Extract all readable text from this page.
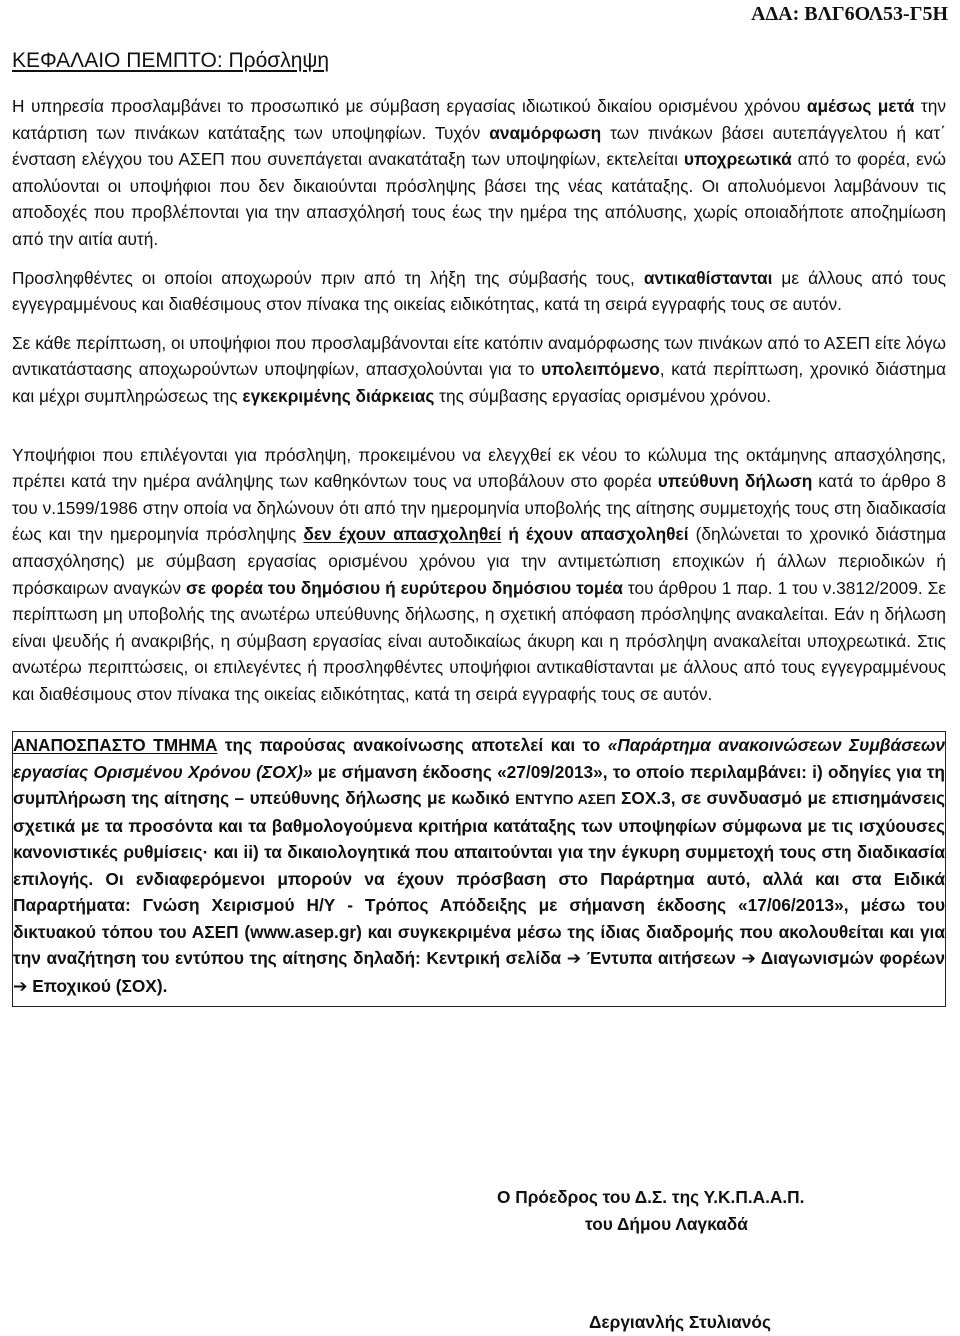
ΑΔΑ: ΒΛΓ6ΟΛ53-Γ5Η
ΚΕΦΑΛΑΙΟ ΠΕΜΠΤΟ: Πρόσληψη

Η υπηρεσία προσλαμβάνει το προσωπικό με σύμβαση εργασίας ιδιωτικού δικαίου ορισμένου χρόνου αμέσως μετά την κατάρτιση των πινάκων κατάταξης των υποψηφίων. Τυχόν αναμόρφωση των πινάκων βάσει αυτεπάγγελτου ή κατ΄ ένσταση ελέγχου του ΑΣΕΠ που συνεπάγεται ανακατάταξη των υποψηφίων, εκτελείται υποχρεωτικά από το φορέα, ενώ απολύονται οι υποψήφιοι που δεν δικαιούνται πρόσληψης βάσει της νέας κατάταξης. Οι απολυόμενοι λαμβάνουν τις αποδοχές που προβλέπονται για την απασχόλησή τους έως την ημέρα της απόλυσης, χωρίς οποιαδήποτε αποζημίωση από την αιτία αυτή.

Προσληφθέντες οι οποίοι αποχωρούν πριν από τη λήξη της σύμβασής τους, αντικαθίστανται με άλλους από τους εγγεγραμμένους και διαθέσιμους στον πίνακα της οικείας ειδικότητας, κατά τη σειρά εγγραφής τους σε αυτόν.

Σε κάθε περίπτωση, οι υποψήφιοι που προσλαμβάνονται είτε κατόπιν αναμόρφωσης των πινάκων από το ΑΣΕΠ είτε λόγω αντικατάστασης αποχωρούντων υποψηφίων, απασχολούνται για το υπολειπόμενο, κατά περίπτωση, χρονικό διάστημα και μέχρι συμπληρώσεως της εγκεκριμένης διάρκειας της σύμβασης εργασίας ορισμένου χρόνου.

Υποψήφιοι που επιλέγονται για πρόσληψη, προκειμένου να ελεγχθεί εκ νέου το κώλυμα της οκτάμηνης απασχόλησης, πρέπει κατά την ημέρα ανάληψης των καθηκόντων τους να υποβάλουν στο φορέα υπεύθυνη δήλωση κατά το άρθρο 8 του ν.1599/1986 στην οποία να δηλώνουν ότι από την ημερομηνία υποβολής της αίτησης συμμετοχής τους στη διαδικασία έως και την ημερομηνία πρόσληψης δεν έχουν απασχοληθεί ή έχουν απασχοληθεί (δηλώνεται το χρονικό διάστημα απασχόλησης) με σύμβαση εργασίας ορισμένου χρόνου για την αντιμετώπιση εποχικών ή άλλων περιοδικών ή πρόσκαιρων αναγκών σε φορέα του δημόσιου ή ευρύτερου δημόσιου τομέα του άρθρου 1 παρ. 1 του ν.3812/2009. Σε περίπτωση μη υποβολής της ανωτέρω υπεύθυνης δήλωσης, η σχετική απόφαση πρόσληψης ανακαλείται. Εάν η δήλωση είναι ψευδής ή ανακριβής, η σύμβαση εργασίας είναι αυτοδικαίως άκυρη και η πρόσληψη ανακαλείται υποχρεωτικά. Στις ανωτέρω περιπτώσεις, οι επιλεγέντες ή προσληφθέντες υποψήφιοι αντικαθίστανται με άλλους από τους εγγεγραμμένους και διαθέσιμους στον πίνακα της οικείας ειδικότητας, κατά τη σειρά εγγραφής τους σε αυτόν.

ΑΝΑΠΟΣΠΑΣΤΟ ΤΜΗΜΑ της παρούσας ανακοίνωσης αποτελεί και το «Παράρτημα ανακοινώσεων Συμβάσεων εργασίας Ορισμένου Χρόνου (ΣΟΧ)» με σήμανση έκδοσης «27/09/2013», το οποίο περιλαμβάνει: i) οδηγίες για τη συμπλήρωση της αίτησης – υπεύθυνης δήλωσης με κωδικό ΕΝΤΥΠΟ ΑΣΕΠ ΣΟΧ.3, σε συνδυασμό με επισημάνσεις σχετικά με τα προσόντα και τα βαθμολογούμενα κριτήρια κατάταξης των υποψηφίων σύμφωνα με τις ισχύουσες κανονιστικές ρυθμίσεις· και ii) τα δικαιολογητικά που απαιτούνται για την έγκυρη συμμετοχή τους στη διαδικασία επιλογής. Οι ενδιαφερόμενοι μπορούν να έχουν πρόσβαση στο Παράρτημα αυτό, αλλά και στα Ειδικά Παραρτήματα: Γνώση Χειρισμού Η/Υ - Τρόπος Απόδειξης με σήμανση έκδοσης «17/06/2013», μέσω του δικτυακού τόπου του ΑΣΕΠ (www.asep.gr) και συγκεκριμένα μέσω της ίδιας διαδρομής που ακολουθείται και για την αναζήτηση του εντύπου της αίτησης δηλαδή: Κεντρική σελίδα ➔ Έντυπα αιτήσεων ➔ Διαγωνισμών φορέων ➔ Εποχικού (ΣΟΧ).

Ο Πρόεδρος του Δ.Σ. της Υ.Κ.Π.Α.Α.Π.
του Δήμου Λαγκαδά
Δεργιανλής Στυλιανός
